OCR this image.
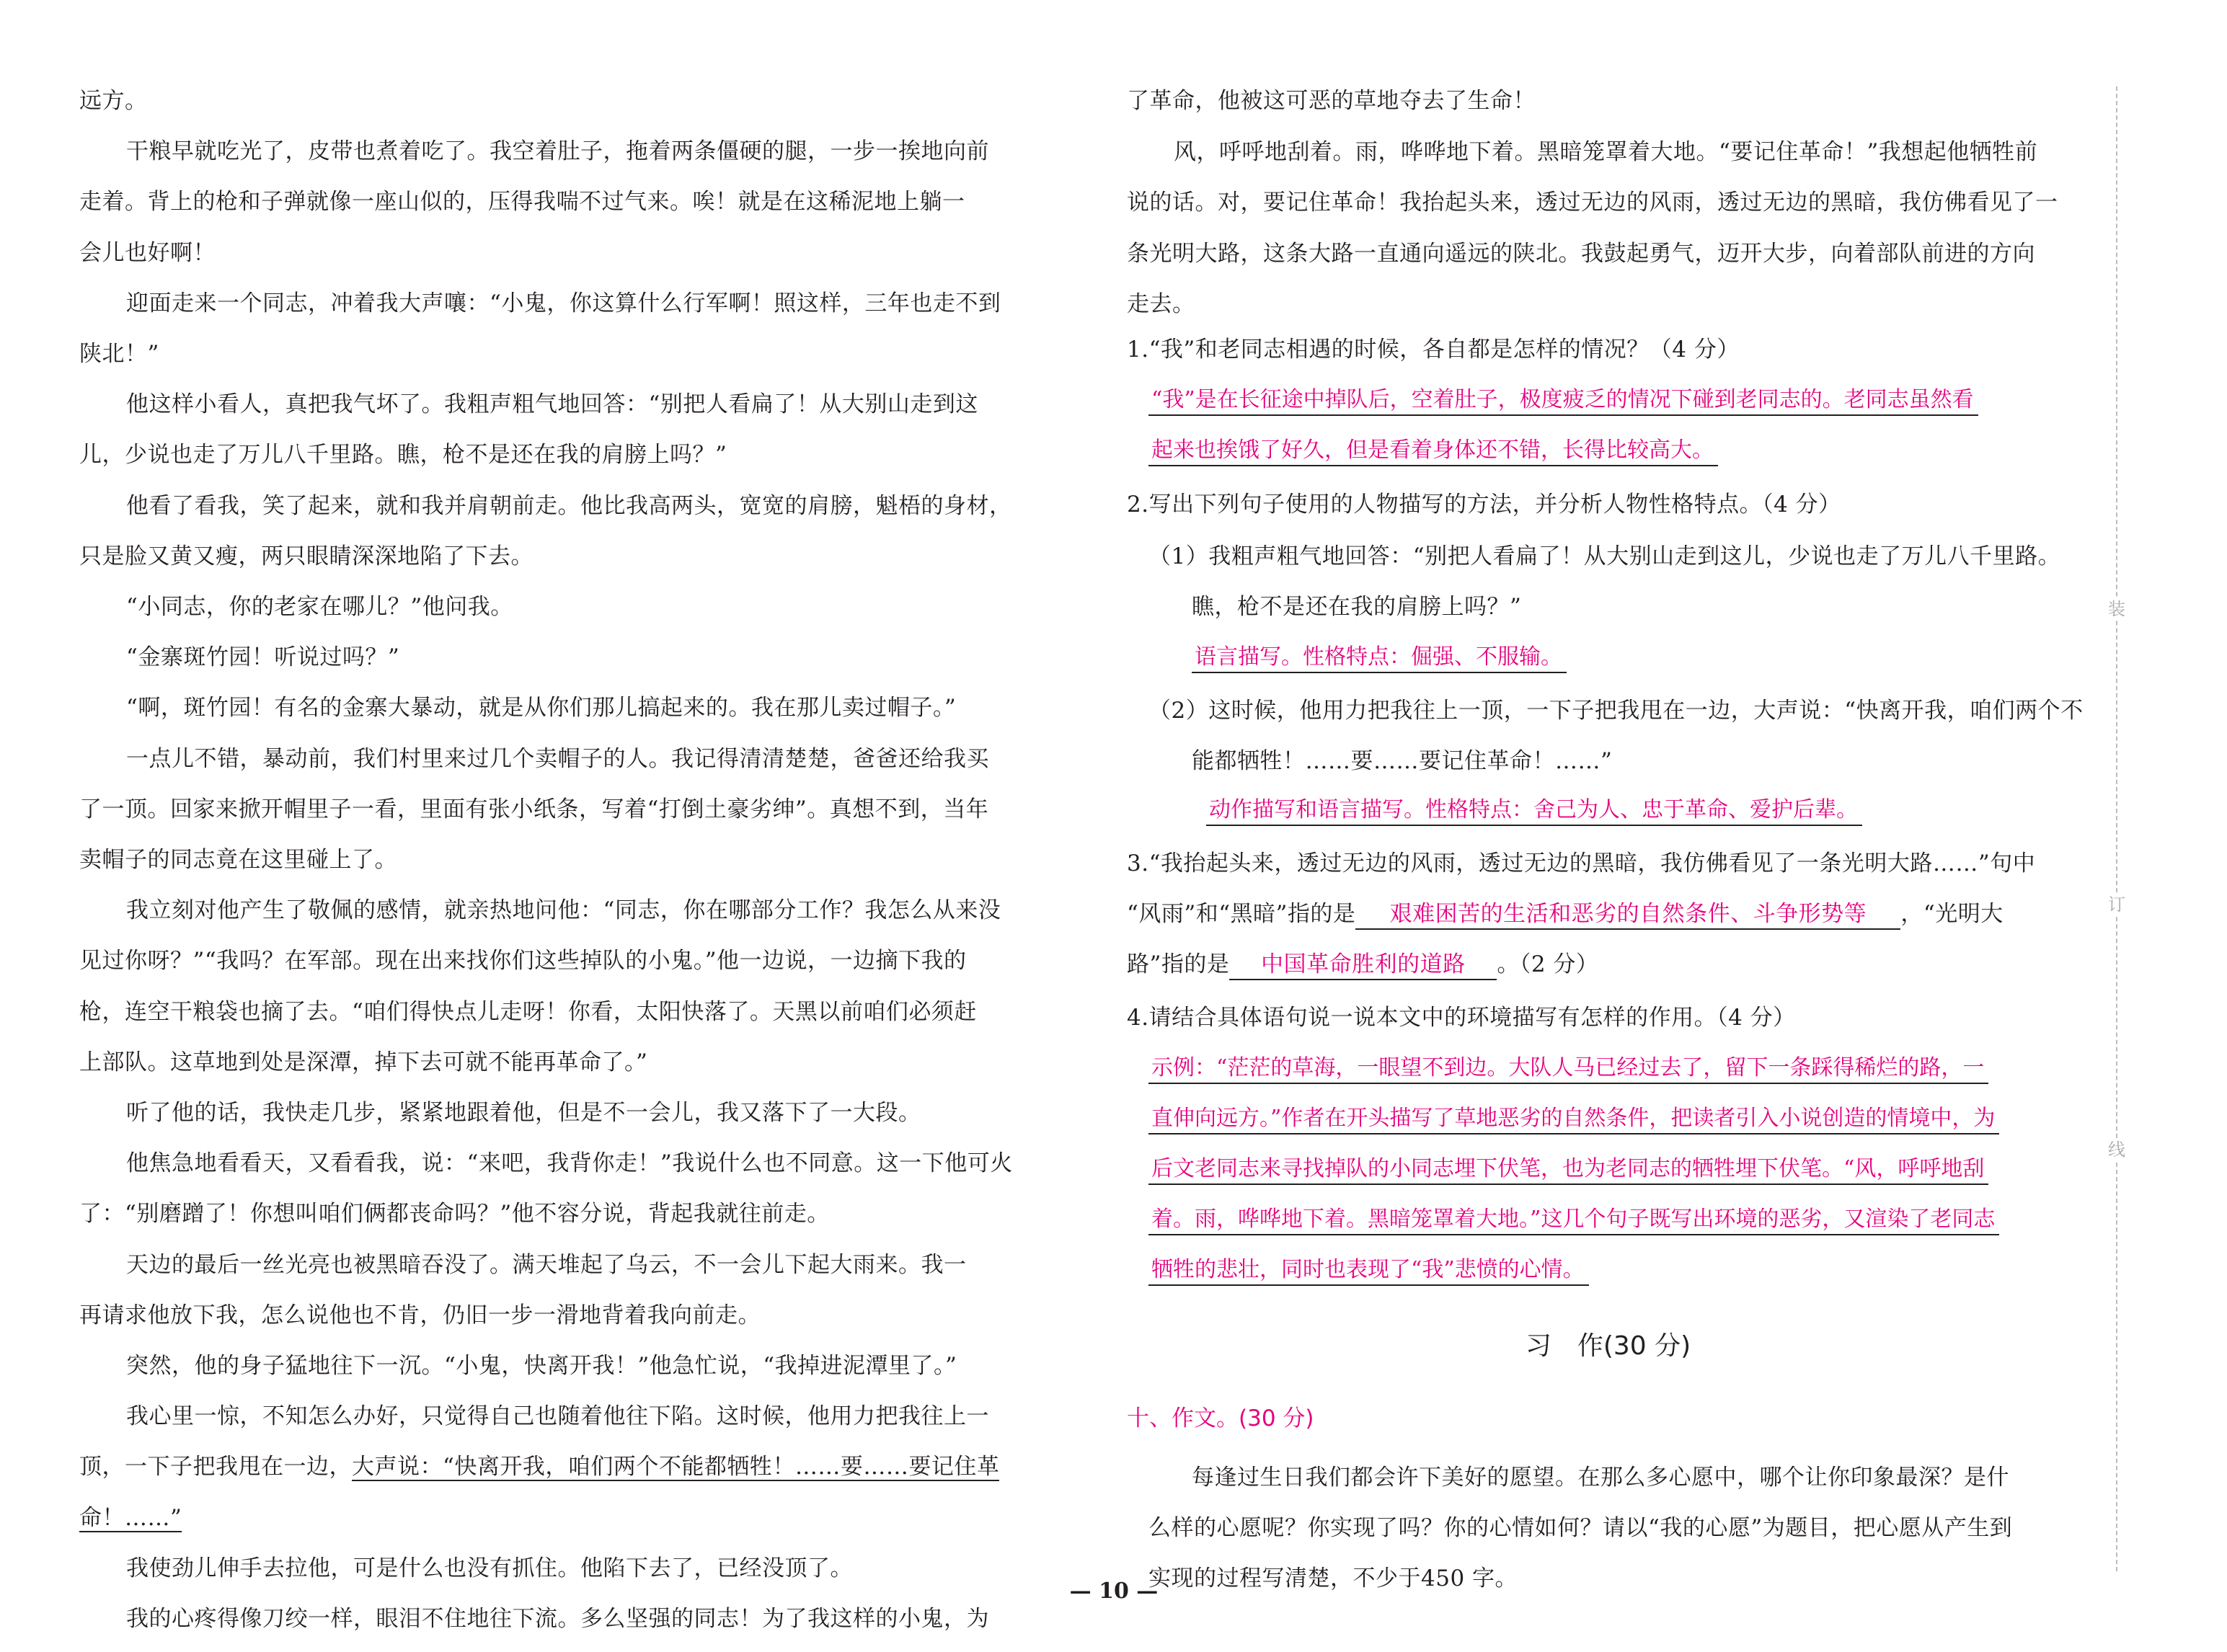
远方。
干粮早就吃光了，皮带也煮着吃了。我空着肚子，拖着两条僵硬的腿，一步一挨地向前
走着。背上的枪和子弹就像一座山似的，压得我喘不过气来。唉！就是在这稀泥地上躺一
会儿也好啊！
迎面走来一个同志，冲着我大声嚷：“小鬼，你这算什么行军啊！照这样，三年也走不到
陕北！”
他这样小看人，真把我气坏了。我粗声粗气地回答：“别把人看扁了！从大别山走到这
儿，少说也走了万儿八千里路。瞧，枪不是还在我的肩膀上吗？”
他看了看我，笑了起来，就和我并肩朝前走。他比我高两头，宽宽的肩膀，魁梧的身材，
只是脸又黄又瘦，两只眼睛深深地陷了下去。
“小同志，你的老家在哪儿？”他问我。
“金寨斑竹园！听说过吗？”
“啊，斑竹园！有名的金寨大暴动，就是从你们那儿搞起来的。我在那儿卖过帽子。”
一点儿不错，暴动前，我们村里来过几个卖帽子的人。我记得清清楚楚，爸爸还给我买
了一顶。回家来掀开帽里子一看，里面有张小纸条，写着“打倒土豪劣绅”。真想不到，当年
卖帽子的同志竟在这里碰上了。
我立刻对他产生了敬佩的感情，就亲热地问他：“同志，你在哪部分工作？我怎么从来没
见过你呀？”“我吗？在军部。现在出来找你们这些掉队的小鬼。”他一边说，一边摘下我的
枪，连空干粮袋也摘了去。“咱们得快点儿走呀！你看，太阳快落了。天黑以前咱们必须赶
上部队。这草地到处是深潭，掉下去可就不能再革命了。”
听了他的话，我快走几步，紧紧地跟着他，但是不一会儿，我又落下了一大段。
他焦急地看看天，又看看我，说：“来吧，我背你走！”我说什么也不同意。这一下他可火
了：“别磨蹭了！你想叫咱们俩都丧命吗？”他不容分说，背起我就往前走。
天边的最后一丝光亮也被黑暗吞没了。满天堆起了乌云，不一会儿下起大雨来。我一
再请求他放下我，怎么说他也不肯，仍旧一步一滑地背着我向前走。
突然，他的身子猛地往下一沉。“小鬼，快离开我！”他急忙说，“我掉进泥潭里了。”
我心里一惊，不知怎么办好，只觉得自己也随着他往下陷。这时候，他用力把我往上一
顶，一下子把我甩在一边，大声说：“快离开我，咱们两个不能都牺牲！……要……要记住革
命！……”
我使劲儿伸手去拉他，可是什么也没有抓住。他陷下去了，已经没顶了。
我的心疼得像刀绞一样，眼泪不住地往下流。多么坚强的同志！为了我这样的小鬼，为
1.“我”和老同志相遇的时候，各自都是怎样的情况？（4 分）
“我”是在长征途中掉队后，空着肚子，极度疲乏的情况下碰到老同志的。老同志虽然看
起来也挨饿了好久，但是看着身体还不错，长得比较高大。
2.写出下列句子使用的人物描写的方法，并分析人物性格特点。（4 分）
（1）我粗声粗气地回答：“别把人看扁了！从大别山走到这儿，少说也走了万儿八千里路。
瞧，枪不是还在我的肩膀上吗？”
语言描写。性格特点：倔强、不服输。
（2）这时候，他用力把我往上一顶，一下子把我甩在一边，大声说：“快离开我，咱们两个不
能都牺牲！……要……要记住革命！……”
动作描写和语言描写。性格特点：舍己为人、忠于革命、爱护后辈。
3.“我抬起头来，透过无边的风雨，透过无边的黑暗，我仿佛看见了一条光明大路……”句中
“风雨”和“黑暗”指的是 艰难困苦的生活和恶劣的自然条件、斗争形势等 ，“光明大
路”指的是 中国革命胜利的道路 。（2 分）
4.请结合具体语句说一说本文中的环境描写有怎样的作用。（4 分）
示例：“茫茫的草海，一眼望不到边。大队人马已经过去了，留下一条踩得稀烂的路，一
直伸向远方。”作者在开头描写了草地恶劣的自然条件，把读者引入小说创造的情境中，为
后文老同志来寻找掉队的小同志埋下伏笔，也为老同志的牺牲埋下伏笔。“风，呼呼地刮
着。雨，哗哗地下着。黑暗笼罩着大地。”这几个句子既写出环境的恶劣，又渲染了老同志
牺牲的悲壮，同时也表现了“我”悲愤的心情。
习　作(30 分)
十、作文。(30 分)
了革命，他被这可恶的草地夺去了生命！
风，呼呼地刮着。雨，哗哗地下着。黑暗笼罩着大地。“要记住革命！”我想起他牺牲前
说的话。对，要记住革命！我抬起头来，透过无边的风雨，透过无边的黑暗，我仿佛看见了一
条光明大路，这条大路一直通向遥远的陕北。我鼓起勇气，迈开大步，向着部队前进的方向
走去。
每逢过生日我们都会许下美好的愿望。在那么多心愿中，哪个让你印象最深？是什
么样的心愿呢？你实现了吗？你的心情如何？请以“我的心愿”为题目，把心愿从产生到
实现的过程写清楚，不少于450 字。
装
订
线
— 10 —
